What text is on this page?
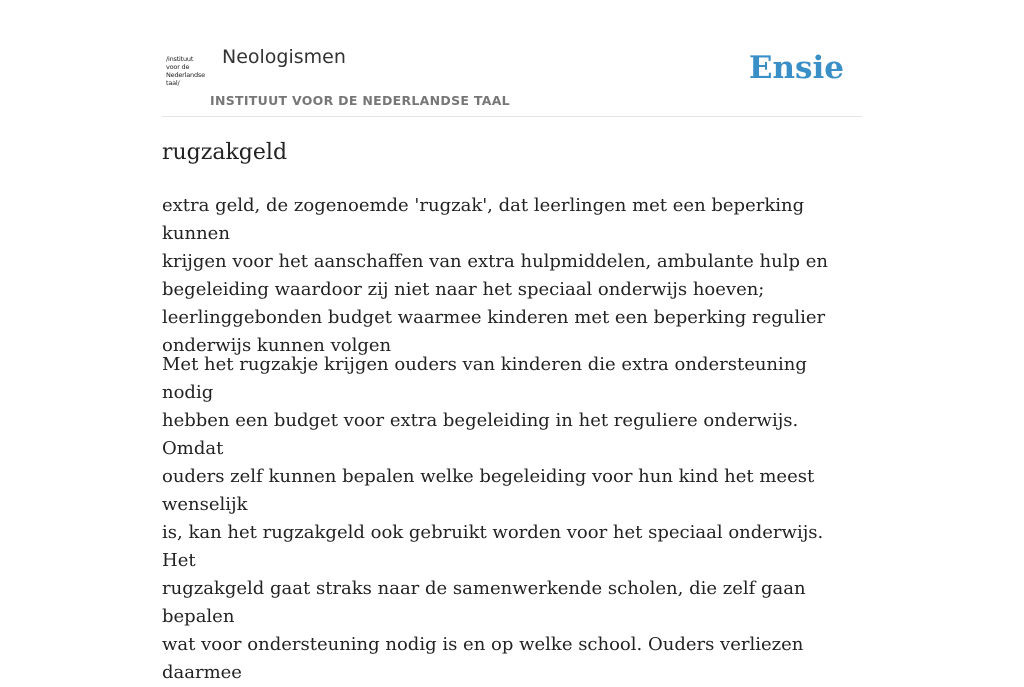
/instituut
voor de
Nederlandse
taal/
Neologismen
INSTITUUT VOOR DE NEDERLANDSE TAAL
Ensie
rugzakgeld

extra geld, de zogenoemde 'rugzak', dat leerlingen met een beperking kunnen
krijgen voor het aanschaffen van extra hulpmiddelen, ambulante hulp en
begeleiding waardoor zij niet naar het speciaal onderwijs hoeven;
leerlinggebonden budget waarmee kinderen met een beperking regulier
onderwijs kunnen volgen

Met het rugzakje krijgen ouders van kinderen die extra ondersteuning nodig
hebben een budget voor extra begeleiding in het reguliere onderwijs. Omdat
ouders zelf kunnen bepalen welke begeleiding voor hun kind het meest wenselijk
is, kan het rugzakgeld ook gebruikt worden voor het speciaal onderwijs. Het
rugzakgeld gaat straks naar de samenwerkende scholen, die zelf gaan bepalen
wat voor ondersteuning nodig is en op welke school. Ouders verliezen daarmee
